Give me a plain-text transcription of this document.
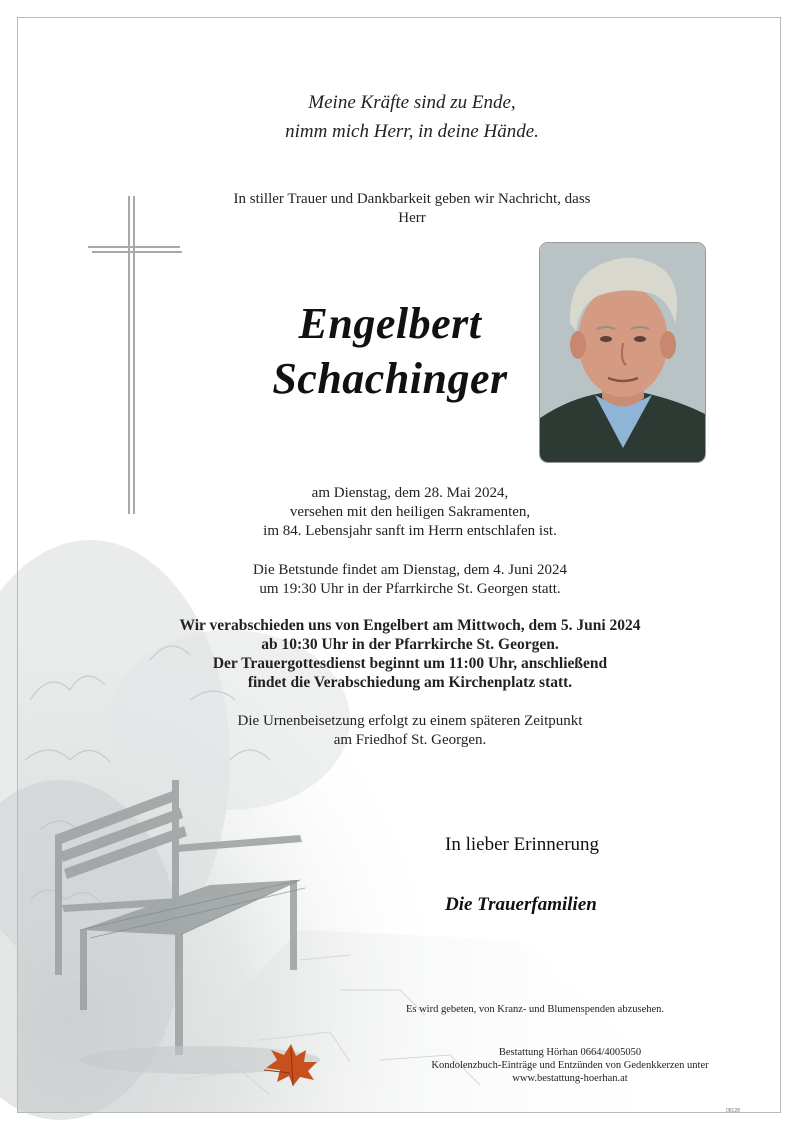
Meine Kräfte sind zu Ende,
nimm mich Herr, in deine Hände.
In stiller Trauer und Dankbarkeit geben wir Nachricht, dass
Herr
Engelbert
Schachinger
am Dienstag, dem 28. Mai 2024,
versehen mit den heiligen Sakramenten,
im 84. Lebensjahr sanft im Herrn entschlafen ist.
Die Betstunde findet am Dienstag, dem 4. Juni 2024
um 19:30 Uhr in der Pfarrkirche St. Georgen statt.
Wir verabschieden uns von Engelbert am Mittwoch, dem 5. Juni 2024
ab 10:30 Uhr in der Pfarrkirche St. Georgen.
Der Trauergottesdienst beginnt um 11:00 Uhr, anschließend
findet die Verabschiedung am Kirchenplatz statt.
Die Urnenbeisetzung erfolgt zu einem späteren Zeitpunkt
am Friedhof St. Georgen.
In lieber Erinnerung
Die Trauerfamilien
Es wird gebeten, von Kranz- und Blumenspenden abzusehen.
Bestattung Hörhan 0664/4005050
Kondolenzbuch-Einträge und Entzünden von Gedenkkerzen unter
www.bestattung-hoerhan.at
08128
